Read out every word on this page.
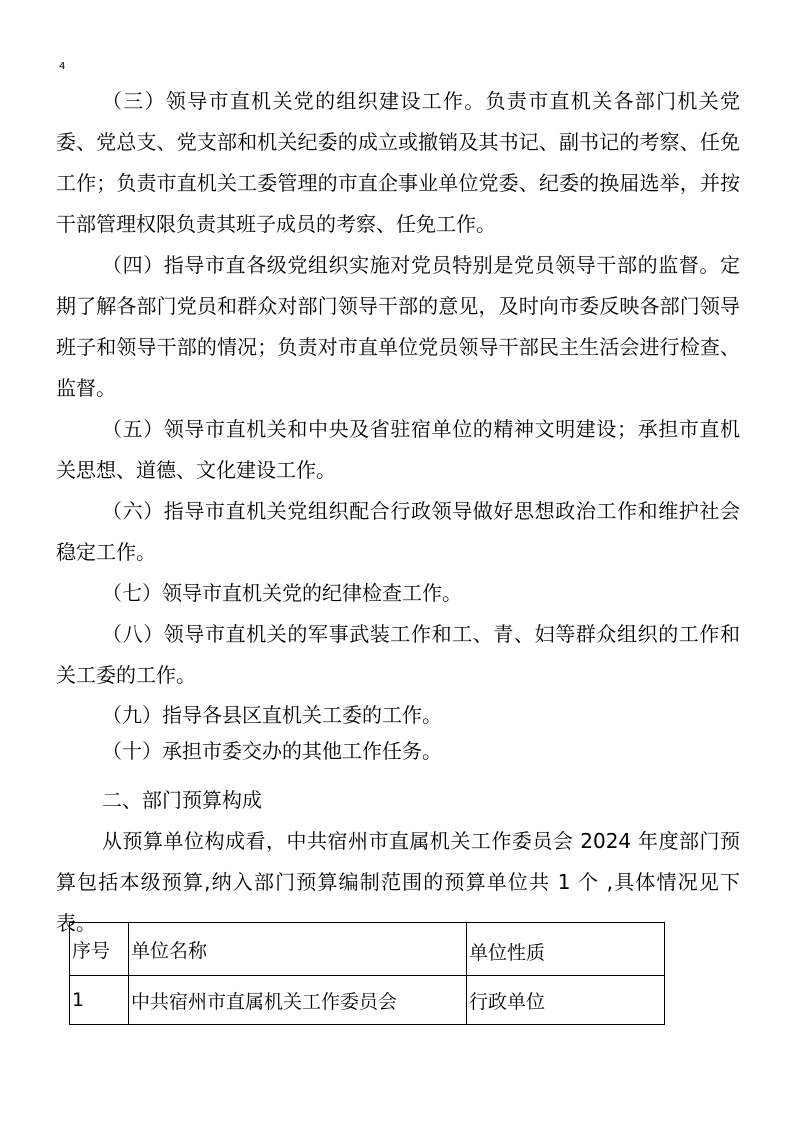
4

（三）领导市直机关党的组织建设工作。负责市直机关各部门机关党委、党总支、党支部和机关纪委的成立或撤销及其书记、副书记的考察、任免工作；负责市直机关工委管理的市直企事业单位党委、纪委的换届选举，并按干部管理权限负责其班子成员的考察、任免工作。

（四）指导市直各级党组织实施对党员特别是党员领导干部的监督。定期了解各部门党员和群众对部门领导干部的意见，及时向市委反映各部门领导班子和领导干部的情况；负责对市直单位党员领导干部民主生活会进行检查、监督。

（五）领导市直机关和中央及省驻宿单位的精神文明建设；承担市直机关思想、道德、文化建设工作。

（六）指导市直机关党组织配合行政领导做好思想政治工作和维护社会稳定工作。

（七）领导市直机关党的纪律检查工作。

（八）领导市直机关的军事武装工作和工、青、妇等群众组织的工作和关工委的工作。

（九）指导各县区直机关工委的工作。

（十）承担市委交办的其他工作任务。

二、部门预算构成

从预算单位构成看，中共宿州市直属机关工作委员会 2024 年度部门预算包括本级预算,纳入部门预算编制范围的预算单位共 1 个 ,具体情况见下表。

序号	单位名称	单位性质
1	中共宿州市直属机关工作委员会	行政单位
